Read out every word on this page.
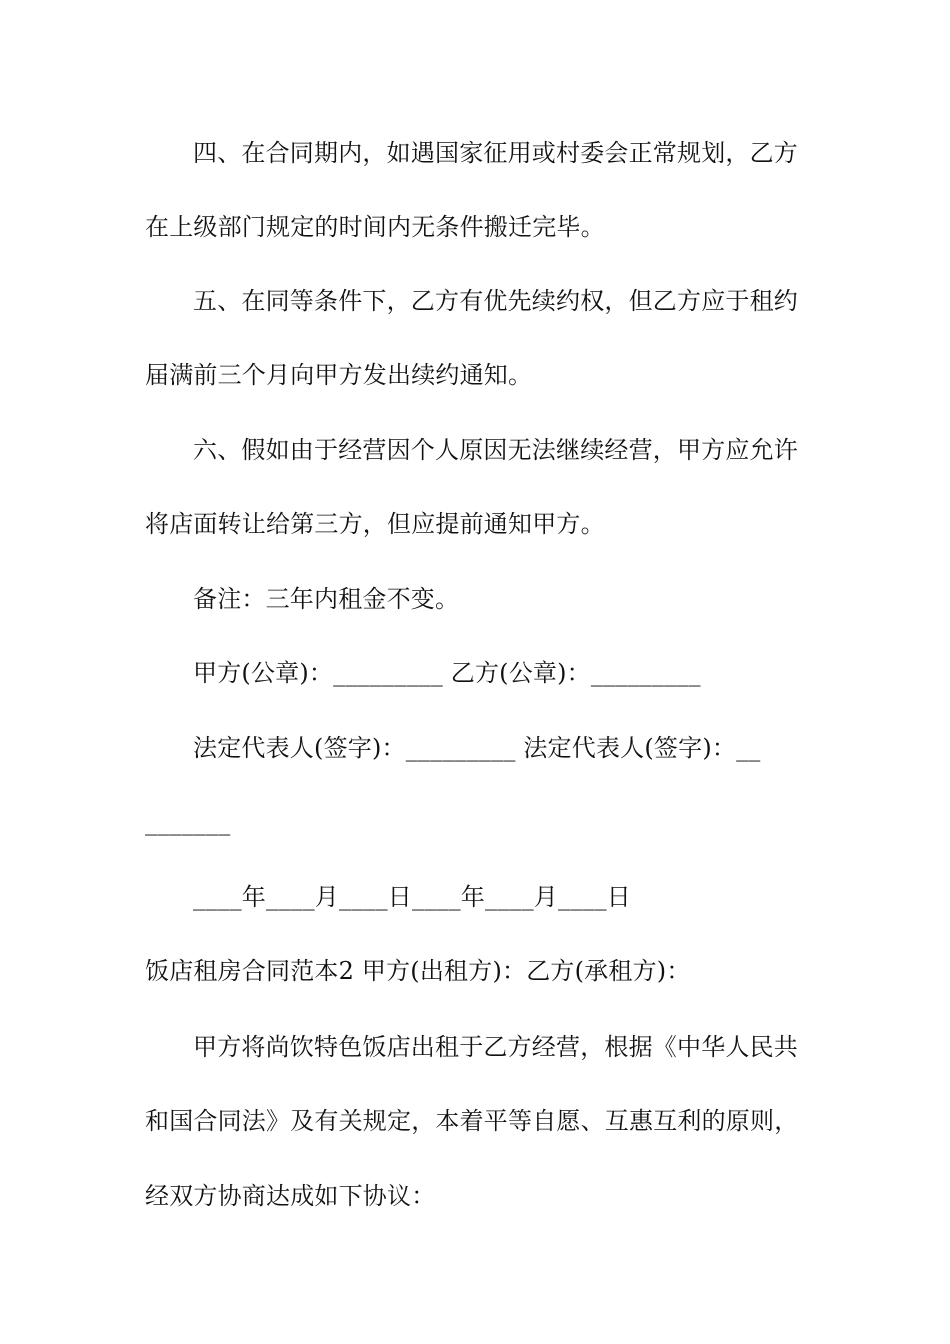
四、在合同期内，如遇国家征用或村委会正常规划，乙方
在上级部门规定的时间内无条件搬迁完毕。
五、在同等条件下，乙方有优先续约权，但乙方应于租约
届满前三个月向甲方发出续约通知。
六、假如由于经营因个人原因无法继续经营，甲方应允许
将店面转让给第三方，但应提前通知甲方。
备注：三年内租金不变。
甲方(公章)：_________ 乙方(公章)：_________
法定代表人(签字)：_________ 法定代表人(签字)：__
_______
____年____月____日____年____月____日
饭店租房合同范本2 甲方(出租方)：乙方(承租方)：
甲方将尚饮特色饭店出租于乙方经营，根据《中华人民共
和国合同法》及有关规定，本着平等自愿、互惠互利的原则，
经双方协商达成如下协议：
